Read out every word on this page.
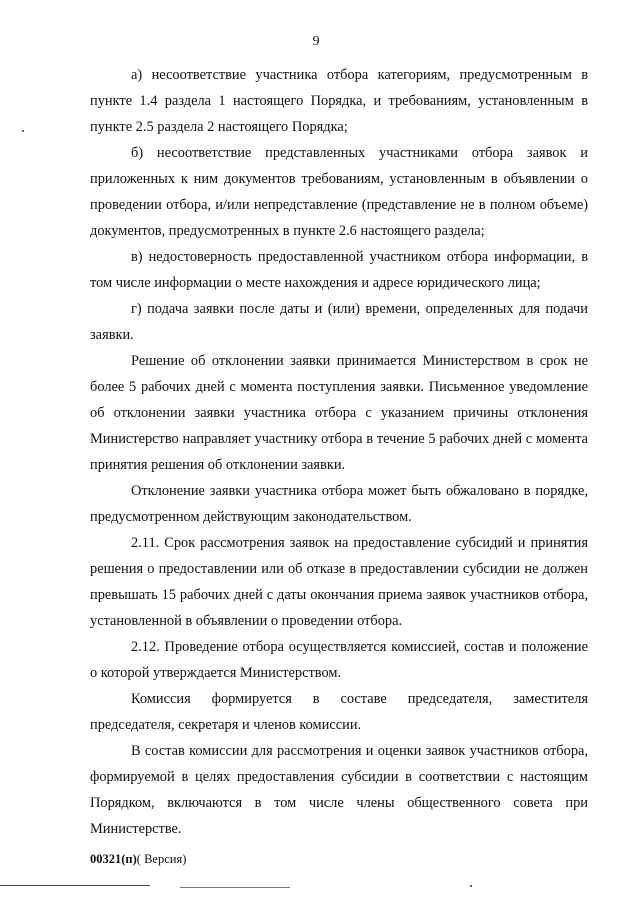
9

а) несоответствие участника отбора категориям, предусмотренным в пункте 1.4 раздела 1 настоящего Порядка, и требованиям, установленным в пункте 2.5 раздела 2 настоящего Порядка;

б) несоответствие представленных участниками отбора заявок и приложенных к ним документов требованиям, установленным в объявлении о проведении отбора, и/или непредставление (представление не в полном объеме) документов, предусмотренных в пункте 2.6 настоящего раздела;

в) недостоверность предоставленной участником отбора информации, в том числе информации о месте нахождения и адресе юридического лица;

г) подача заявки после даты и (или) времени, определенных для подачи заявки.

Решение об отклонении заявки принимается Министерством в срок не более 5 рабочих дней с момента поступления заявки. Письменное уведомление об отклонении заявки участника отбора с указанием причины отклонения Министерство направляет участнику отбора в течение 5 рабочих дней с момента принятия решения об отклонении заявки.

Отклонение заявки участника отбора может быть обжаловано в порядке, предусмотренном действующим законодательством.

2.11. Срок рассмотрения заявок на предоставление субсидий и принятия решения о предоставлении или об отказе в предоставлении субсидии не должен превышать 15 рабочих дней с даты окончания приема заявок участников отбора, установленной в объявлении о проведении отбора.

2.12. Проведение отбора осуществляется комиссией, состав и положение о которой утверждается Министерством.

Комиссия формируется в составе председателя, заместителя председателя, секретаря и членов комиссии.

В состав комиссии для рассмотрения и оценки заявок участников отбора, формируемой в целях предоставления субсидии в соответствии с настоящим Порядком, включаются в том числе члены общественного совета при Министерстве.

00321(п)( Версия)
